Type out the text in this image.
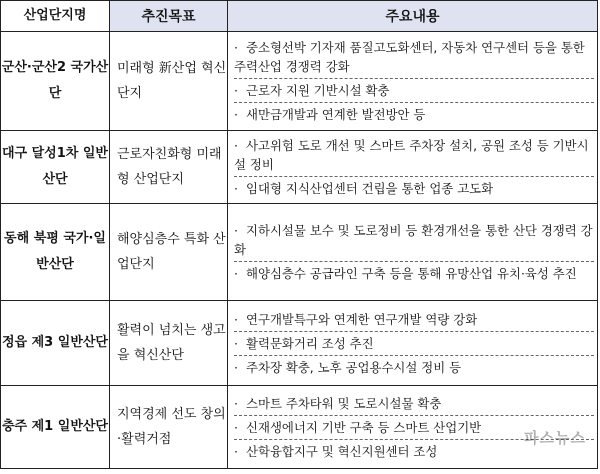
산업단지명	추진목표	주요내용
군산·군산2 국가산단	미래형 新산업 혁신단지	· 중소형선박 기자재 품질고도화센터, 자동차 연구센터 등을 통한 주력산업 경쟁력 강화
· 근로자 지원 기반시설 확충
· 새만금개발과 연계한 발전방안 등

대구 달성1차 일반산단	근로자친화형 미래형 산업단지	· 사고위험 도로 개선 및 스마트 주차장 설치, 공원 조성 등 기반시설 정비
· 임대형 지식산업센터 건립을 통한 업종 고도화

동해 북평 국가·일반산단	해양심층수 특화 산업단지	· 지하시설물 보수 및 도로정비 등 환경개선을 통한 산단 경쟁력 강화
· 해양심층수 공급라인 구축 등을 통해 유망산업 유치·육성 추진

정읍 제3 일반산단	활력이 넘치는 생고을 혁신산단	· 연구개발특구와 연계한 연구개발 역량 강화
· 활력문화거리 조성 추진
· 주차장 확충, 노후 공업용수시설 정비 등

충주 제1 일반산단	지역경제 선도 창의·활력거점	· 스마트 주차타워 및 도로시설물 확충
· 신재생에너지 기반 구축 등 스마트 산업기반
· 산학융합지구 및 혁신지원센터 조성
파스뉴스
